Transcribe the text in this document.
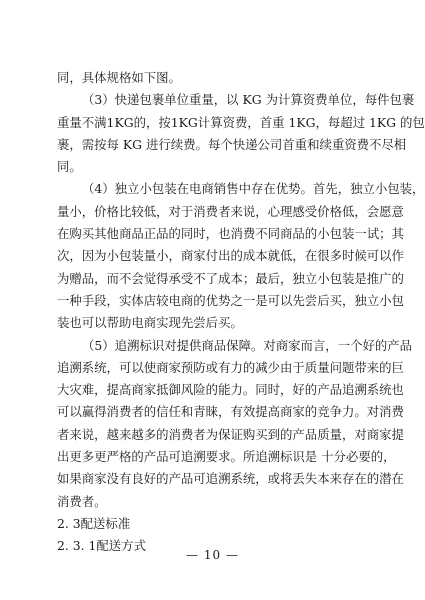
同，具体规格如下图。
（3）快递包裹单位重量，以 KG 为计算资费单位，每件包裹
重量不满1KG的，按1KG计算资费，首重 1KG，每超过 1KG 的包
裹，需按每 KG 进行续费。每个快递公司首重和续重资费不尽相
同。
（4）独立小包装在电商销售中存在优势。首先，独立小包装，
量小，价格比较低，对于消费者来说，心理感受价格低，会愿意
在购买其他商品正品的同时，也消费不同商品的小包装一试；其
次，因为小包装量小，商家付出的成本就低，在很多时候可以作
为赠品，而不会觉得承受不了成本；最后，独立小包装是推广的
一种手段，实体店较电商的优势之一是可以先尝后买，独立小包
装也可以帮助电商实现先尝后买。
（5）追溯标识对提供商品保障。对商家而言，一个好的产品
追溯系统，可以使商家预防或有力的减少由于质量问题带来的巨
大灾难，提高商家抵御风险的能力。同时，好的产品追溯系统也
可以赢得消费者的信任和青睐，有效提高商家的竞争力。对消费
者来说，越来越多的消费者为保证购买到的产品质量，对商家提
出更多更严格的产品可追溯要求。所追溯标识是 十分必要的，
如果商家没有良好的产品可追溯系统，或将丢失本来存在的潜在
消费者。
2. 3配送标准
2. 3. 1配送方式
— 10 —
